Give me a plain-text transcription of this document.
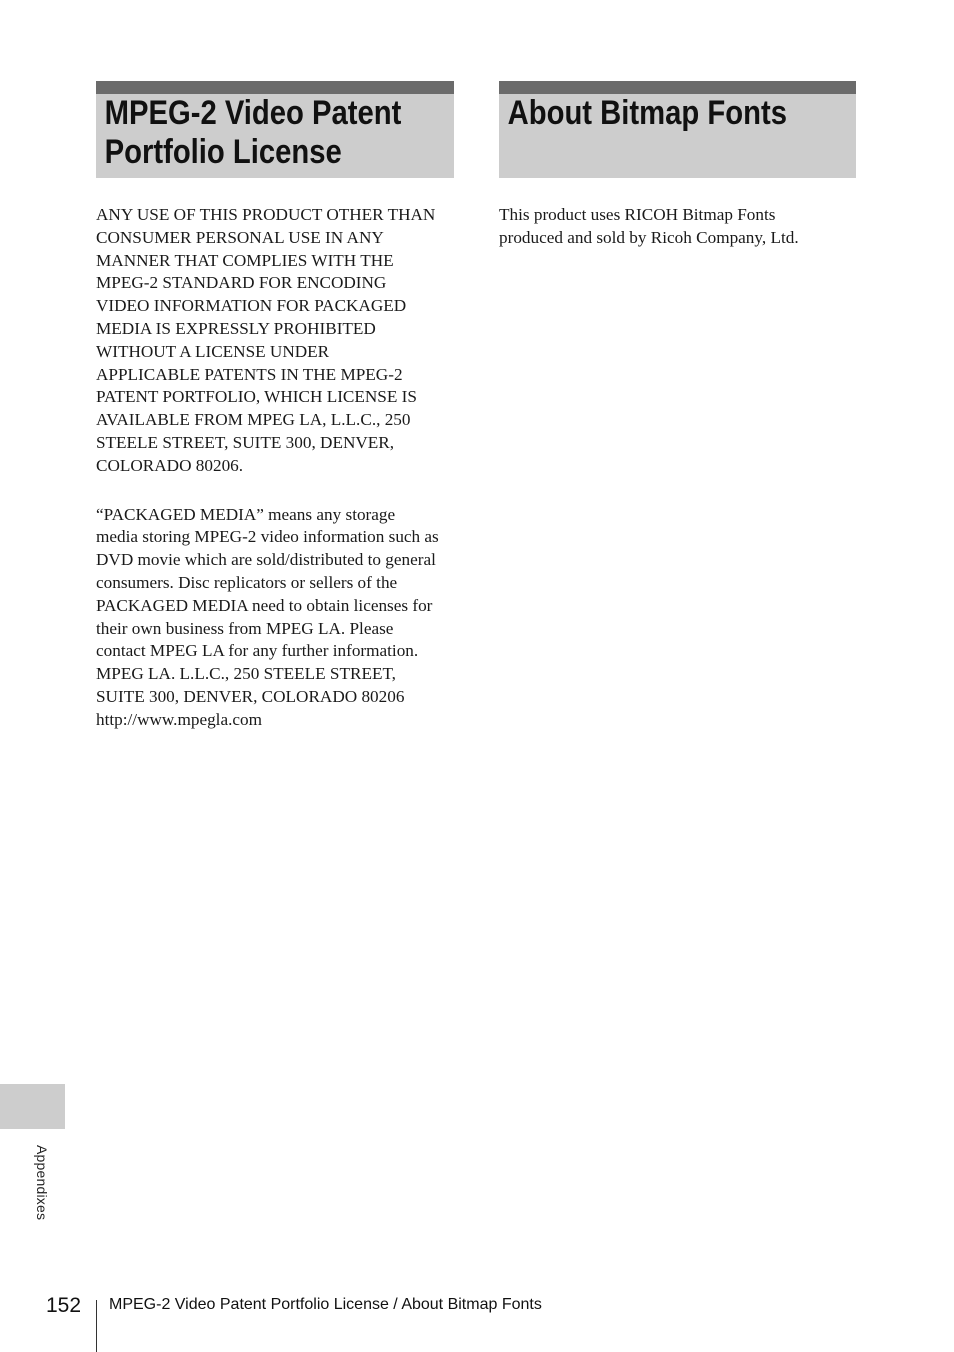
MPEG-2 Video Patent
Portfolio License

ANY USE OF THIS PRODUCT OTHER THAN
CONSUMER PERSONAL USE IN ANY
MANNER THAT COMPLIES WITH THE
MPEG-2 STANDARD FOR ENCODING
VIDEO INFORMATION FOR PACKAGED
MEDIA IS EXPRESSLY PROHIBITED
WITHOUT A LICENSE UNDER
APPLICABLE PATENTS IN THE MPEG-2
PATENT PORTFOLIO, WHICH LICENSE IS
AVAILABLE FROM MPEG LA, L.L.C., 250
STEELE STREET, SUITE 300, DENVER,
COLORADO 80206.

“PACKAGED MEDIA” means any storage
media storing MPEG-2 video information such as
DVD movie which are sold/distributed to general
consumers. Disc replicators or sellers of the
PACKAGED MEDIA need to obtain licenses for
their own business from MPEG LA. Please
contact MPEG LA for any further information.
MPEG LA. L.L.C., 250 STEELE STREET,
SUITE 300, DENVER, COLORADO 80206
http://www.mpegla.com

About Bitmap Fonts

This product uses RICOH Bitmap Fonts
produced and sold by Ricoh Company, Ltd.

Appendixes
152 MPEG-2 Video Patent Portfolio License / About Bitmap Fonts
